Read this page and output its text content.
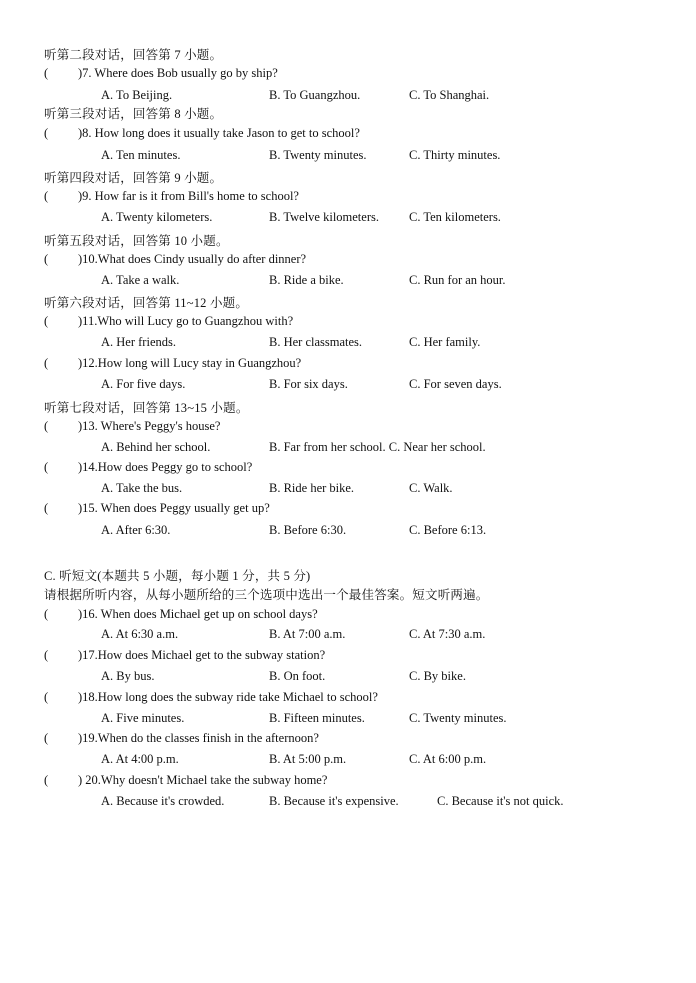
听第二段对话，回答第 7 小题。
( )7. Where does Bob usually go by ship?
A. To Beijing.	B. To Guangzhou.	C. To Shanghai.
听第三段对话，回答第 8 小题。
( )8. How long does it usually take Jason to get to school?
A. Ten minutes.	B. Twenty minutes.	C. Thirty minutes.
听第四段对话，回答第 9 小题。
( )9. How far is it from Bill's home to school?
A. Twenty kilometers.	B. Twelve kilometers. C. Ten kilometers.
听第五段对话，回答第 10 小题。
( )10.What does Cindy usually do after dinner?
A. Take a walk.	B. Ride a bike.	C. Run for an hour.
听第六段对话，回答第 11~12 小题。
( )11.Who will Lucy go to Guangzhou with?
A. Her friends.	B. Her classmates.	C. Her family.
( )12.How long will Lucy stay in Guangzhou?
A. For five days.	B. For six days.	C. For seven days.
听第七段对话，回答第 13~15 小题。
( )13. Where's Peggy's house?
A. Behind her school.	B. Far from her school. C. Near her school.
( )14.How does Peggy go to school?
A. Take the bus.	B. Ride her bike.	C. Walk.
( )15. When does Peggy usually get up?
A. After 6:30.	B. Before 6:30.	C. Before 6:13.
C. 听短文(本题共 5 小题，每小题 1 分，共 5 分)
请根据所听内容，从每小题所给的三个选项中选出一个最佳答案。短文听两遍。
( )16. When does Michael get up on school days?
A. At 6:30 a.m.	B. At 7:00 a.m.	C. At 7:30 a.m.
( )17.How does Michael get to the subway station?
A. By bus.	B. On foot.	C. By bike.
( )18.How long does the subway ride take Michael to school?
A. Five minutes.	B. Fifteen minutes.	C. Twenty minutes.
( )19.When do the classes finish in the afternoon?
A. At 4:00 p.m.	B. At 5:00 p.m.	C. At 6:00 p.m.
( ) 20.Why doesn't Michael take the subway home?
A. Because it's crowded.	B. Because it's expensive.	C. Because it's not quick.
